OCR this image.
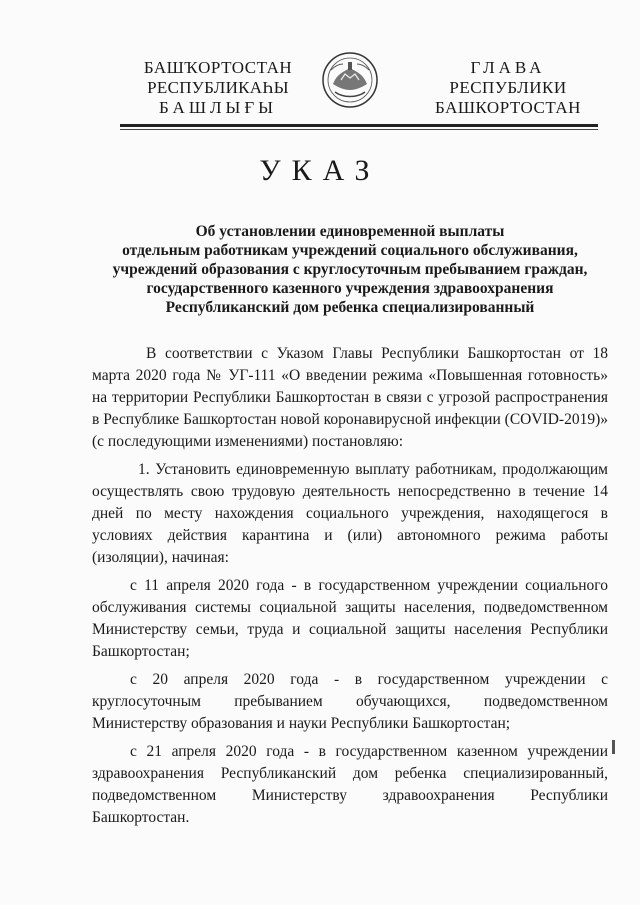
БАШҠОРТОСТАН
РЕСПУБЛИКАҺЫ
БАШЛЫҒЫ
ГЛАВА
РЕСПУБЛИКИ
БАШКОРТОСТАН
УКАЗ
Об установлении единовременной выплаты
отдельным работникам учреждений социального обслуживания,
учреждений образования с круглосуточным пребыванием граждан,
государственного казенного учреждения здравоохранения
Республиканский дом ребенка специализированный

В соответствии с Указом Главы Республики Башкортостан от 18 марта 2020 года № УГ-111 «О введении режима «Повышенная готовность» на территории Республики Башкортостан в связи с угрозой распространения в Республике Башкортостан новой коронавирусной инфекции (COVID-2019)» (с последующими изменениями) постановляю:

1. Установить единовременную выплату работникам, продолжающим осуществлять свою трудовую деятельность непосредственно в течение 14 дней по месту нахождения социального учреждения, находящегося в условиях действия карантина и (или) автономного режима работы (изоляции), начиная:

с 11 апреля 2020 года - в государственном учреждении социального обслуживания системы социальной защиты населения, подведомственном Министерству семьи, труда и социальной защиты населения Республики Башкортостан;

с 20 апреля 2020 года - в государственном учреждении с круглосуточным пребыванием обучающихся, подведомственном Министерству образования и науки Республики Башкортостан;

с 21 апреля 2020 года - в государственном казенном учреждении здравоохранения Республиканский дом ребенка специализированный, подведомственном Министерству здравоохранения Республики Башкортостан.
